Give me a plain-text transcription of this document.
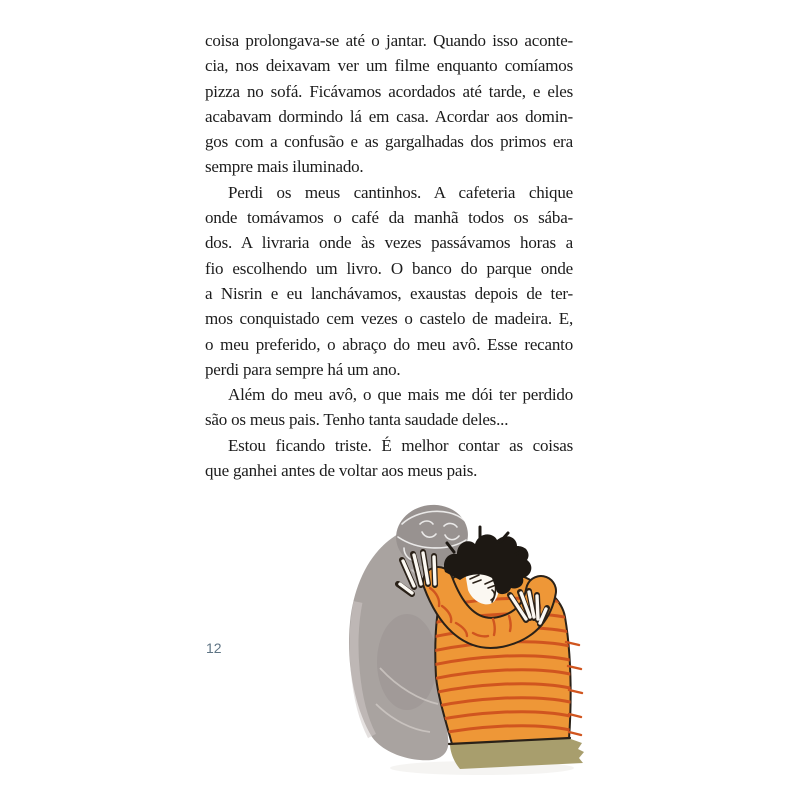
coisa prolongava-se até o jantar. Quando isso aconte-
cia, nos deixavam ver um filme enquanto comíamos
pizza no sofá. Ficávamos acordados até tarde, e eles
acabavam dormindo lá em casa. Acordar aos domin-
gos com a confusão e as gargalhadas dos primos era
sempre mais iluminado.
Perdi os meus cantinhos. A cafeteria chique
onde tomávamos o café da manhã todos os sába-
dos. A livraria onde às vezes passávamos horas a
fio escolhendo um livro. O banco do parque onde
a Nisrin e eu lanchávamos, exaustas depois de ter-
mos conquistado cem vezes o castelo de madeira. E,
o meu preferido, o abraço do meu avô. Esse recanto
perdi para sempre há um ano.
Além do meu avô, o que mais me dói ter perdido
são os meus pais. Tenho tanta saudade deles...
Estou ficando triste. É melhor contar as coisas
que ganhei antes de voltar aos meus pais.
12
